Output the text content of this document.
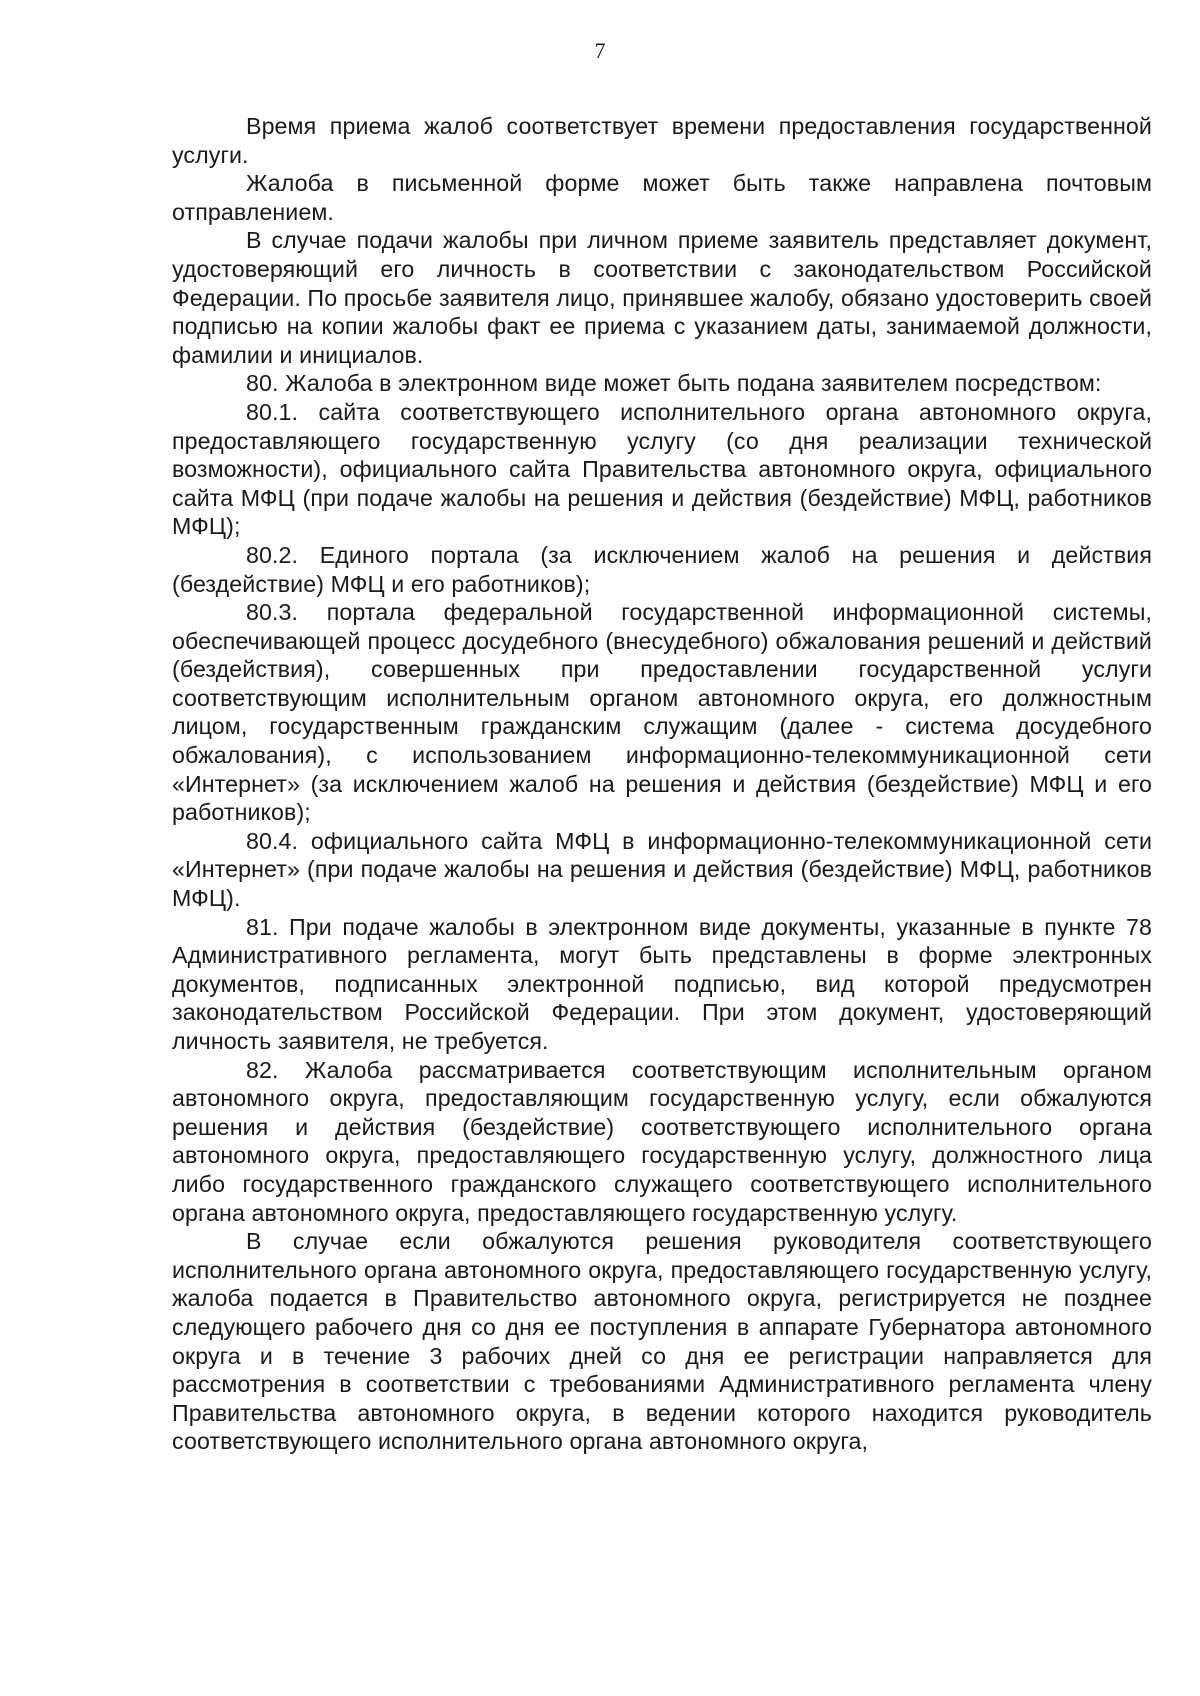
7

Время приема жалоб соответствует времени предоставления государственной услуги.

Жалоба в письменной форме может быть также направлена почтовым отправлением.

В случае подачи жалобы при личном приеме заявитель представляет документ, удостоверяющий его личность в соответствии с законодательством Российской Федерации. По просьбе заявителя лицо, принявшее жалобу, обязано удостоверить своей подписью на копии жалобы факт ее приема с указанием даты, занимаемой должности, фамилии и инициалов.

80. Жалоба в электронном виде может быть подана заявителем посредством:

80.1. сайта соответствующего исполнительного органа автономного округа, предоставляющего государственную услугу (со дня реализации технической возможности), официального сайта Правительства автономного округа, официального сайта МФЦ (при подаче жалобы на решения и действия (бездействие) МФЦ, работников МФЦ);

80.2. Единого портала (за исключением жалоб на решения и действия (бездействие) МФЦ и его работников);

80.3. портала федеральной государственной информационной системы, обеспечивающей процесс досудебного (внесудебного) обжалования решений и действий (бездействия), совершенных при предоставлении государственной услуги соответствующим исполнительным органом автономного округа, его должностным лицом, государственным гражданским служащим (далее - система досудебного обжалования), с использованием информационно-телекоммуникационной сети «Интернет» (за исключением жалоб на решения и действия (бездействие) МФЦ и его работников);

80.4. официального сайта МФЦ в информационно-телекоммуникационной сети «Интернет» (при подаче жалобы на решения и действия (бездействие) МФЦ, работников МФЦ).

81. При подаче жалобы в электронном виде документы, указанные в пункте 78 Административного регламента, могут быть представлены в форме электронных документов, подписанных электронной подписью, вид которой предусмотрен законодательством Российской Федерации. При этом документ, удостоверяющий личность заявителя, не требуется.

82. Жалоба рассматривается соответствующим исполнительным органом автономного округа, предоставляющим государственную услугу, если обжалуются решения и действия (бездействие) соответствующего исполнительного органа автономного округа, предоставляющего государственную услугу, должностного лица либо государственного гражданского служащего соответствующего исполнительного органа автономного округа, предоставляющего государственную услугу.

В случае если обжалуются решения руководителя соответствующего исполнительного органа автономного округа, предоставляющего государственную услугу, жалоба подается в Правительство автономного округа, регистрируется не позднее следующего рабочего дня со дня ее поступления в аппарате Губернатора автономного округа и в течение 3 рабочих дней со дня ее регистрации направляется для рассмотрения в соответствии с требованиями Административного регламента члену Правительства автономного округа, в ведении которого находится руководитель соответствующего исполнительного органа автономного округа,
